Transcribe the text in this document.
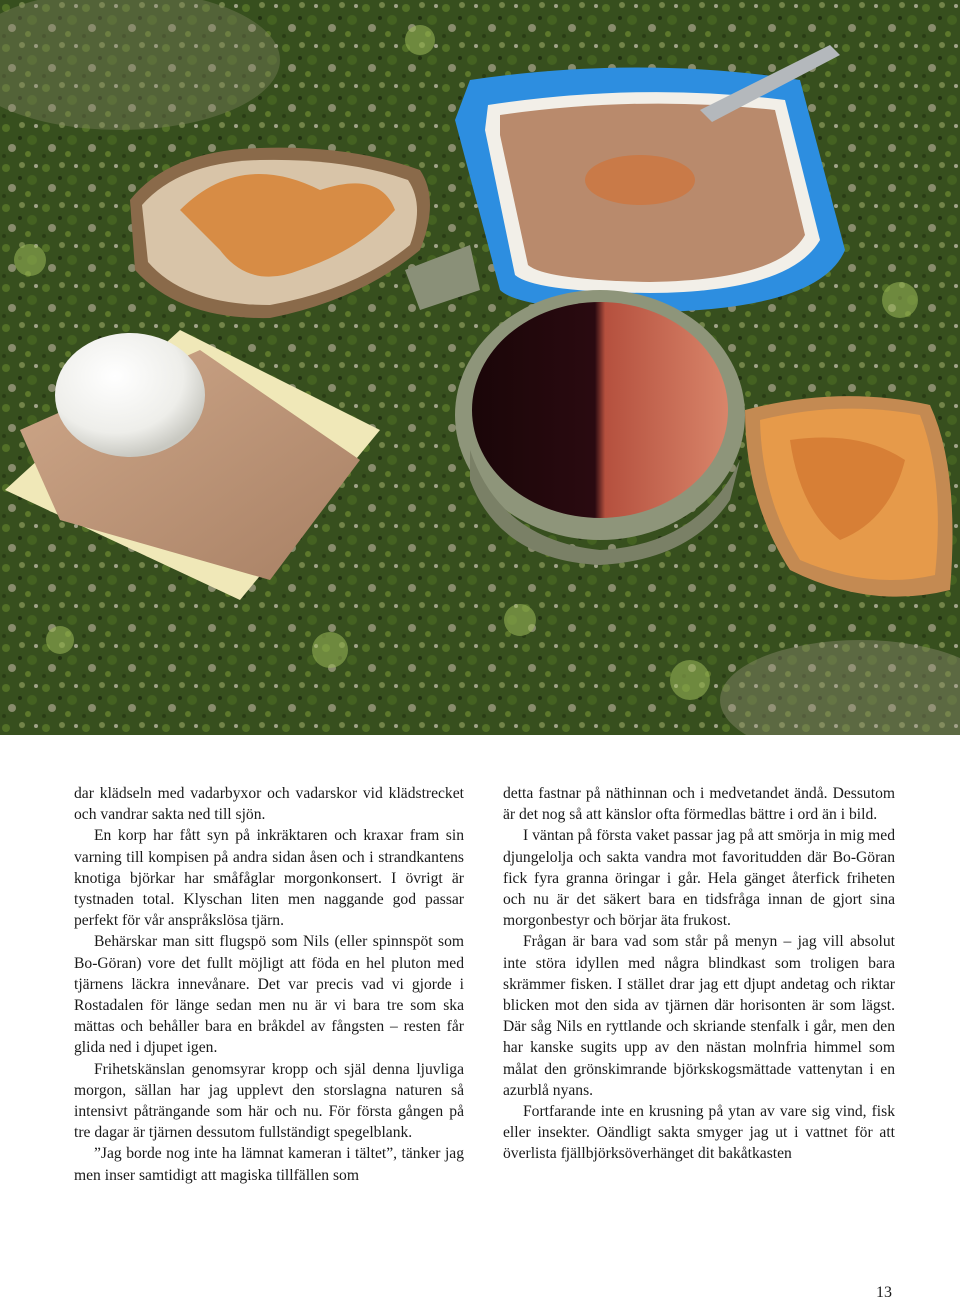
dar klädseln med vadarbyxor och vadarskor vid klädstrecket och vandrar sakta ned till sjön.

En korp har fått syn på inkräktaren och kraxar fram sin varning till kompisen på andra sidan åsen och i strandkantens knotiga björkar har småfåglar morgonkonsert. I övrigt är tystnaden total. Klyschan liten men naggande god passar perfekt för vår anspråkslösa tjärn.

Behärskar man sitt flugspö som Nils (eller spinnspöt som Bo-Göran) vore det fullt möjligt att föda en hel pluton med tjärnens läckra innevånare. Det var precis vad vi gjorde i Rostadalen för länge sedan men nu är vi bara tre som ska mättas och behåller bara en bråkdel av fångsten – resten får glida ned i djupet igen.

Frihetskänslan genomsyrar kropp och själ denna ljuvliga morgon, sällan har jag upplevt den storslagna naturen så intensivt påträngande som här och nu. För första gången på tre dagar är tjärnen dessutom fullständigt spegelblank.

”Jag borde nog inte ha lämnat kameran i tältet”, tänker jag men inser samtidigt att magiska tillfällen som

detta fastnar på näthinnan och i medvetandet ändå. Dessutom är det nog så att känslor ofta förmedlas bättre i ord än i bild.

I väntan på första vaket passar jag på att smörja in mig med djungelolja och sakta vandra mot favoritudden där Bo-Göran fick fyra granna öringar i går. Hela gänget återfick friheten och nu är det säkert bara en tidsfråga innan de gjort sina morgonbestyr och börjar äta frukost.

Frågan är bara vad som står på menyn – jag vill absolut inte störa idyllen med några blindkast som troligen bara skrämmer fisken. I stället drar jag ett djupt andetag och riktar blicken mot den sida av tjärnen där horisonten är som lägst. Där såg Nils en ryttlande och skriande stenfalk i går, men den har kanske sugits upp av den nästan molnfria himmel som målat den grönskimrande björkskogsmättade vattenytan i en azurblå nyans.

Fortfarande inte en krusning på ytan av vare sig vind, fisk eller insekter. Oändligt sakta smyger jag ut i vattnet för att överlista fjällbjörksöverhänget dit bakåtkasten

13
